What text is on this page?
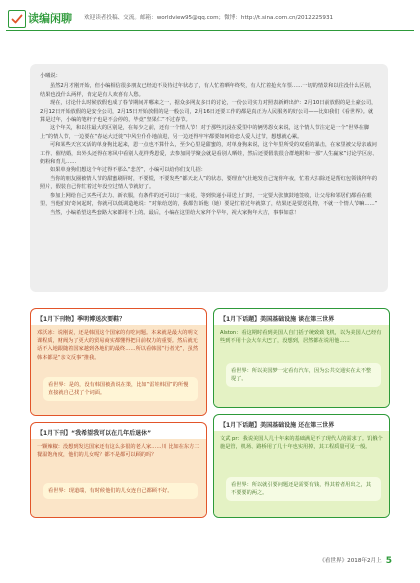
读编闲聊 欢迎读者投稿、交流。邮箱：worldview95@qq.com；微博：http://t.sina.com.cn/2012225931

小曦说：

虽然2月才刚开始，但小编相信很多朋友已经迫不及待过年状态了，有人忙着晒年终奖，有人忙着抢火车票……一切的情景和以往没什么区别，结果也没什么两样，肯定是有人欢喜有人愁。

现在，讨论什么时候放假也成了春节期间并哪来之一，据众多网友多日的讨论，一份公司实力对照表新鲜出炉：2月10日前放假的是土豪公司，2月12日开始放假的是安全公司，2月15日开始放假的是一般公司，2月16日还要工作的都是真正为人民服务的好公司——比如我们《看世界》。就算是过年，小编的笔杆子也是不会停的，毕竟“坚果仁”不过春节。

这个年关，和以往最大的区别是，在每少之前，还有一个情人节！对于那些沉浸在爱里中的俩男怨女来说，这个情人节注定是一个“世界在脚上”的情人节，一边要在“春运大迁徙”中风尘仆仆地前进，另一边还得牢牢都要如何给恋人爱人过节，想想就心累。

可和某些天宫又活的单身狗比起来，恩一点也不算什么，至少心里是甜蜜的，对单身狗来说，这个年里所受的双重的暴击，在家里被父母亲戚问工作、催结婚，出外头还得在寒风中看别人花样秀恩爱，去参加同学聚会就是看别人晒娃，然后还要假装很合群地附和一那“人生赢家”讨论学区房、奶粉和育儿……

如果单身狗们想这个年过得不那么“悲苦”，小编可以给你们支几招：

当你的朋友圈被情人节的甜蜜刷屏时，不要慌，不要发些“都天北人”的状态，要理直气壮地发自己宠你年夜，忙着大扫除还是帮红包领钱拜年的照片，假装自己你忙着过年没空过情人节就好了。

参加上网给自己买些可去力、新衣服，有条件的还可以订一束花，等到快递小哥送上门时，一定要大张旗鼓地签收，让父母和邻居们都看在眼里，当他们好奇问起时，你就可以低调造地说：“对象给送的，我都告诉他（她）要是忙着过年就算了，结果还是要送礼物，不就一个情人节嘛……”

当然，小编希望这些套路大家都用不上的。最后，小编在这里给大家拜个早年，祝大家狗年大吉，事事如意！

【1月下刊物】季明博送次要鞋？
邓沃冰：说刚说，还是韩国这个国家的有吃问题。本来就是最大的明文课程质，财阀为了更大的贸易商实都懂得把目前权力的重要。然后就无话不入地跟随着国家越到各地们的最终……所以看韩国“行者光”，虽然韩本都是“亲文反事”推我。
看世界：是的，没有韩国被劲说在策，比如“雷娃韩国”的所慢直接就自己找了个词面。
【1月下刊】“我希望我可以在几年后退休”
一颗辣椒：没想到发达国家还有这么多很的老人家……川 比如在东方二餐温饱角度，他们的儿女呢？都不是都可以顾的吗？
看世界：现道端，有时候他们的儿女连自己都顾不好。
【1月下话题】美国基础设施 谈在第三世界
Alston：看这期时看到美国人自门括子统致致飞机，以为美国人已经有些到不用十会大车大巴了，没想到，居然都在说用他……
看世界：所以美国梦一定看有汽车，因为公共交通实在太不整堤了。
【1月下话题】美国基础设施 还在第三世界
文武 pr：我说美国人几十年来的基础满足不了现代人的需求了。饥俄个施是管，机场、路桥用了几十年也实用掉，其工程质量可见一般。
看世界：所以就引要问题还是需要有钱，得其着者用出之，其不要要的两之。
《看世界》2018年2月上 5
